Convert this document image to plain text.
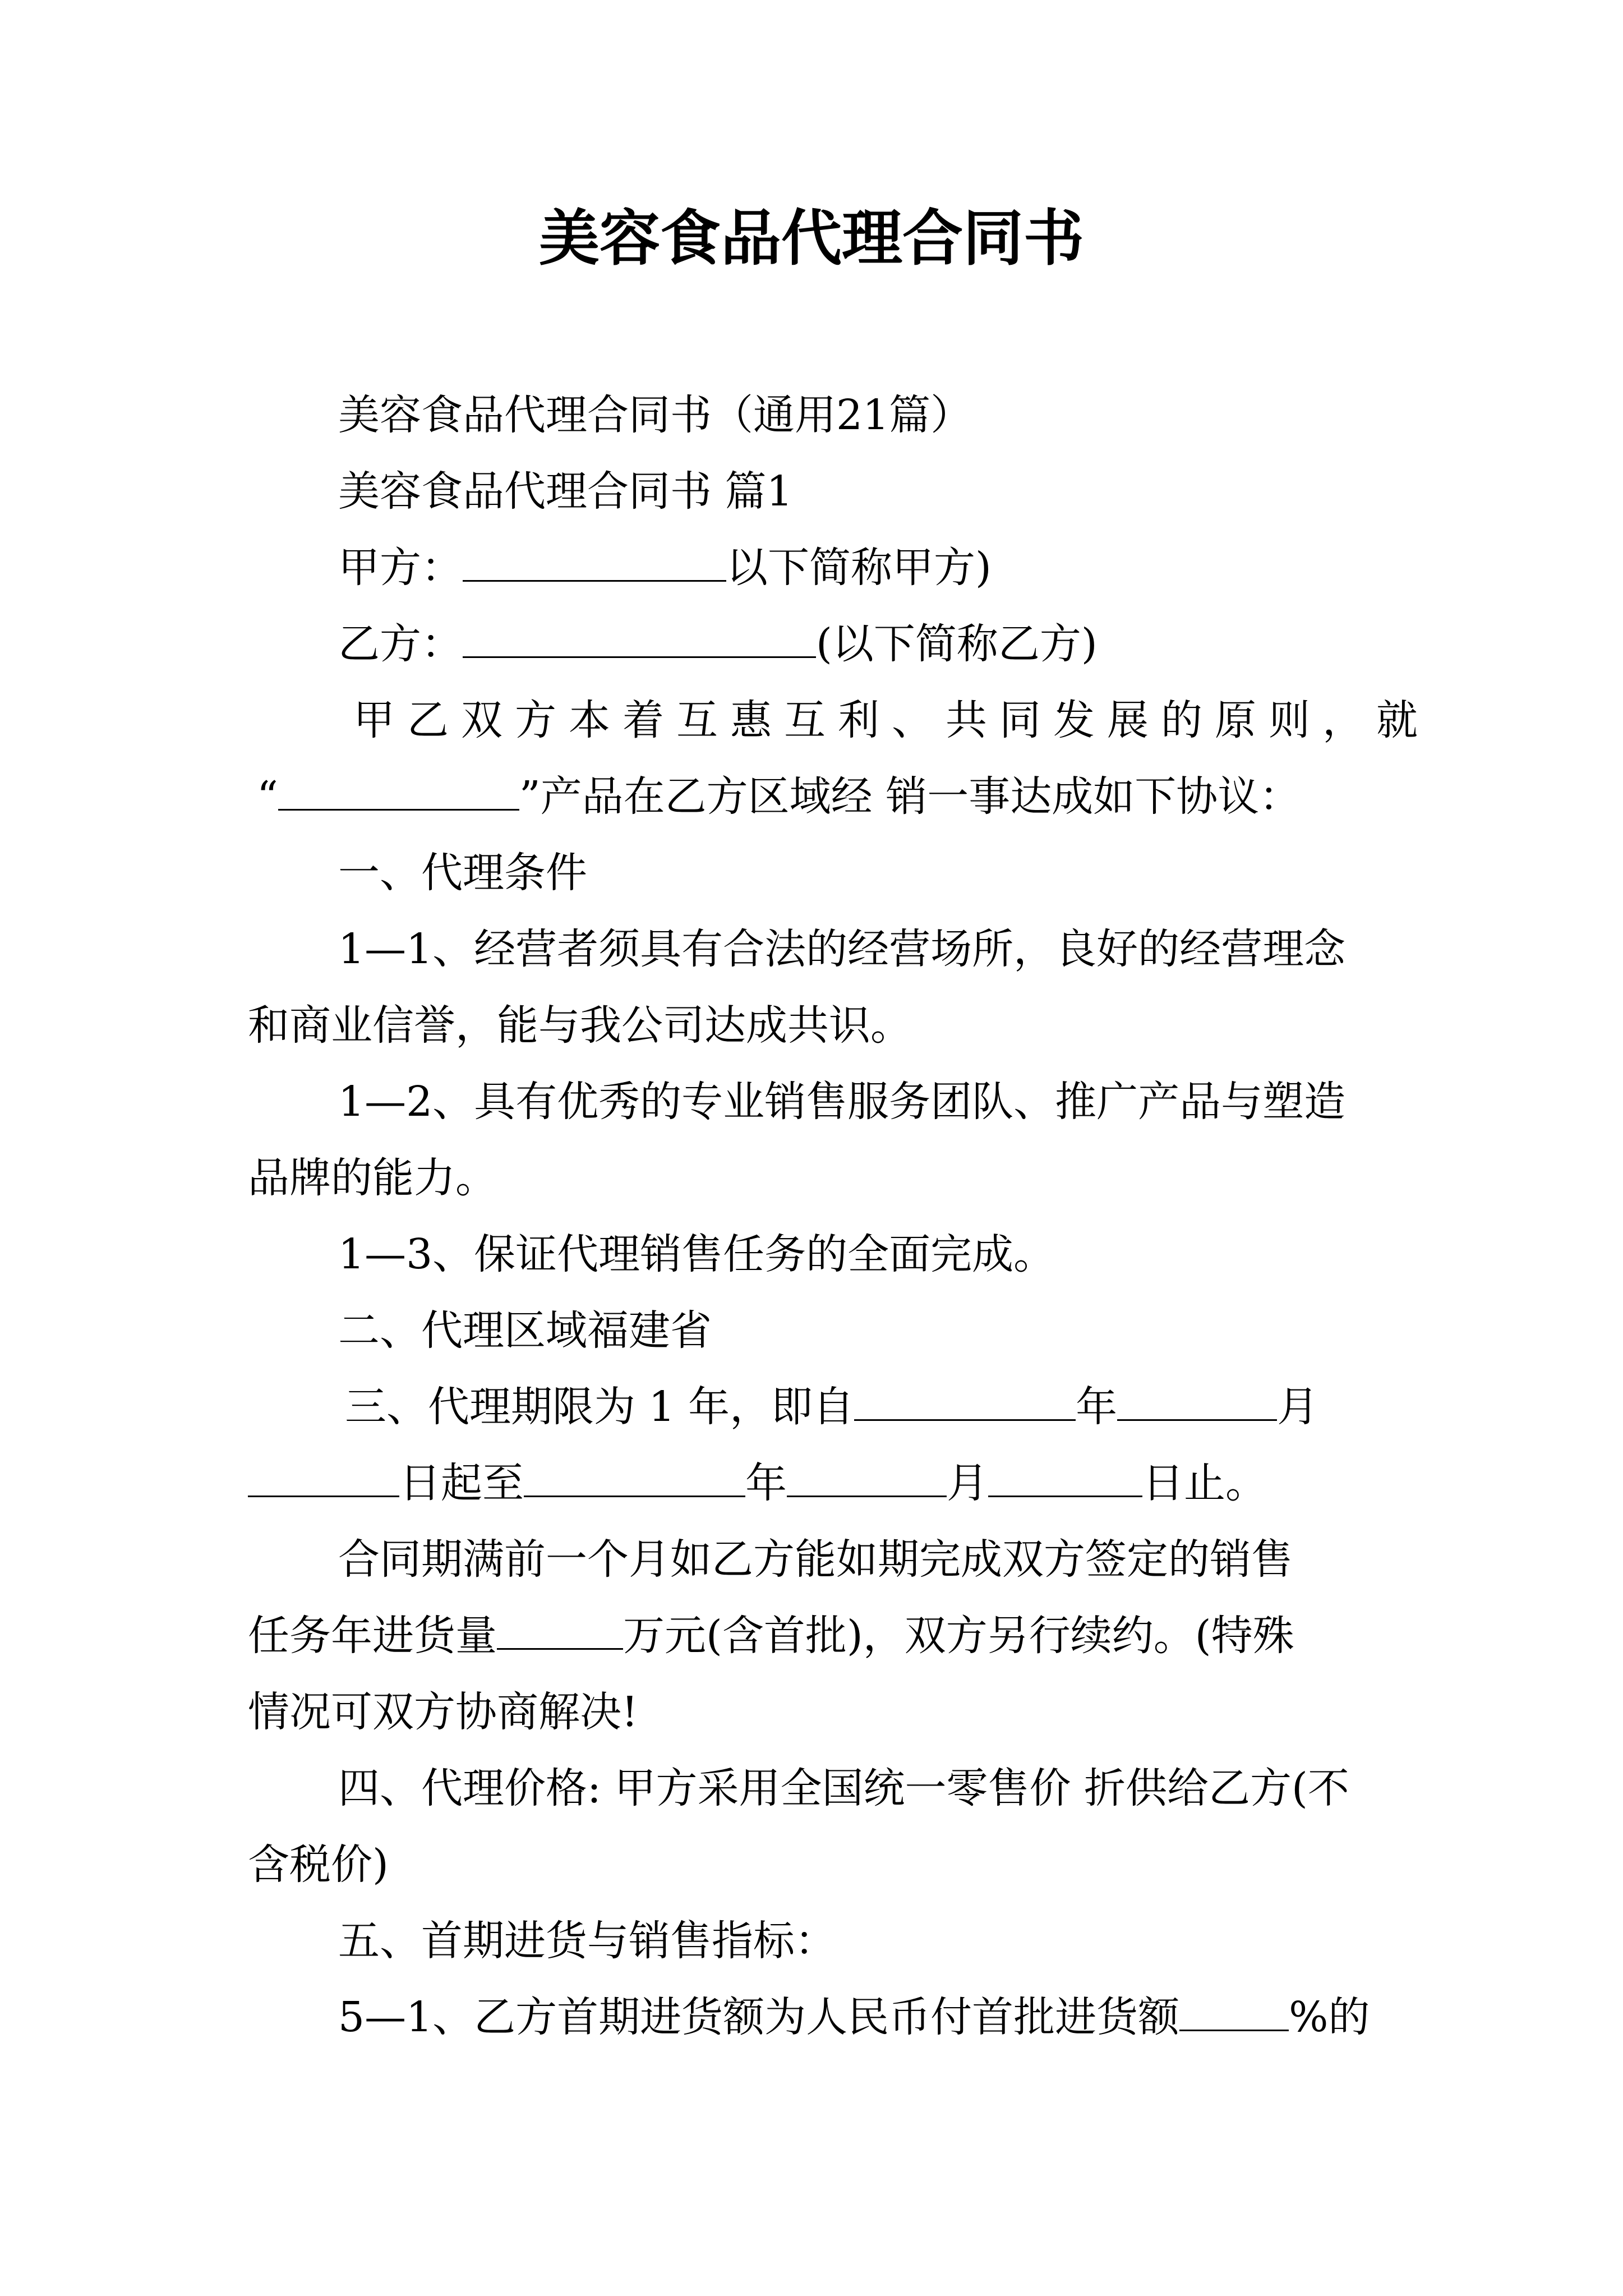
美容食品代理合同书

美容食品代理合同书（通用21篇）

美容食品代理合同书 篇1

甲方：	以下简称甲方)

乙方：	(以下简称乙方)

甲乙双方本着互惠互利、共同发展的原则，就

“	”产品在乙方区域经 销一事达成如下协议：

一、代理条件

1—1、经营者须具有合法的经营场所，良好的经营理念

和商业信誉，能与我公司达成共识。

1—2、具有优秀的专业销售服务团队、推广产品与塑造

品牌的能力。

1—3、保证代理销售任务的全面完成。

二、代理区域福建省

三、代理期限为 1 年，即自	年	月

日起至	年	月	日止。

合同期满前一个月如乙方能如期完成双方签定的销售

任务年进货量	万元(含首批)，双方另行续约。(特殊

情况可双方协商解决!

四、代理价格: 甲方采用全国统一零售价 折供给乙方(不

含税价)

五、首期进货与销售指标：

5—1、乙方首期进货额为人民币付首批进货额	%的
